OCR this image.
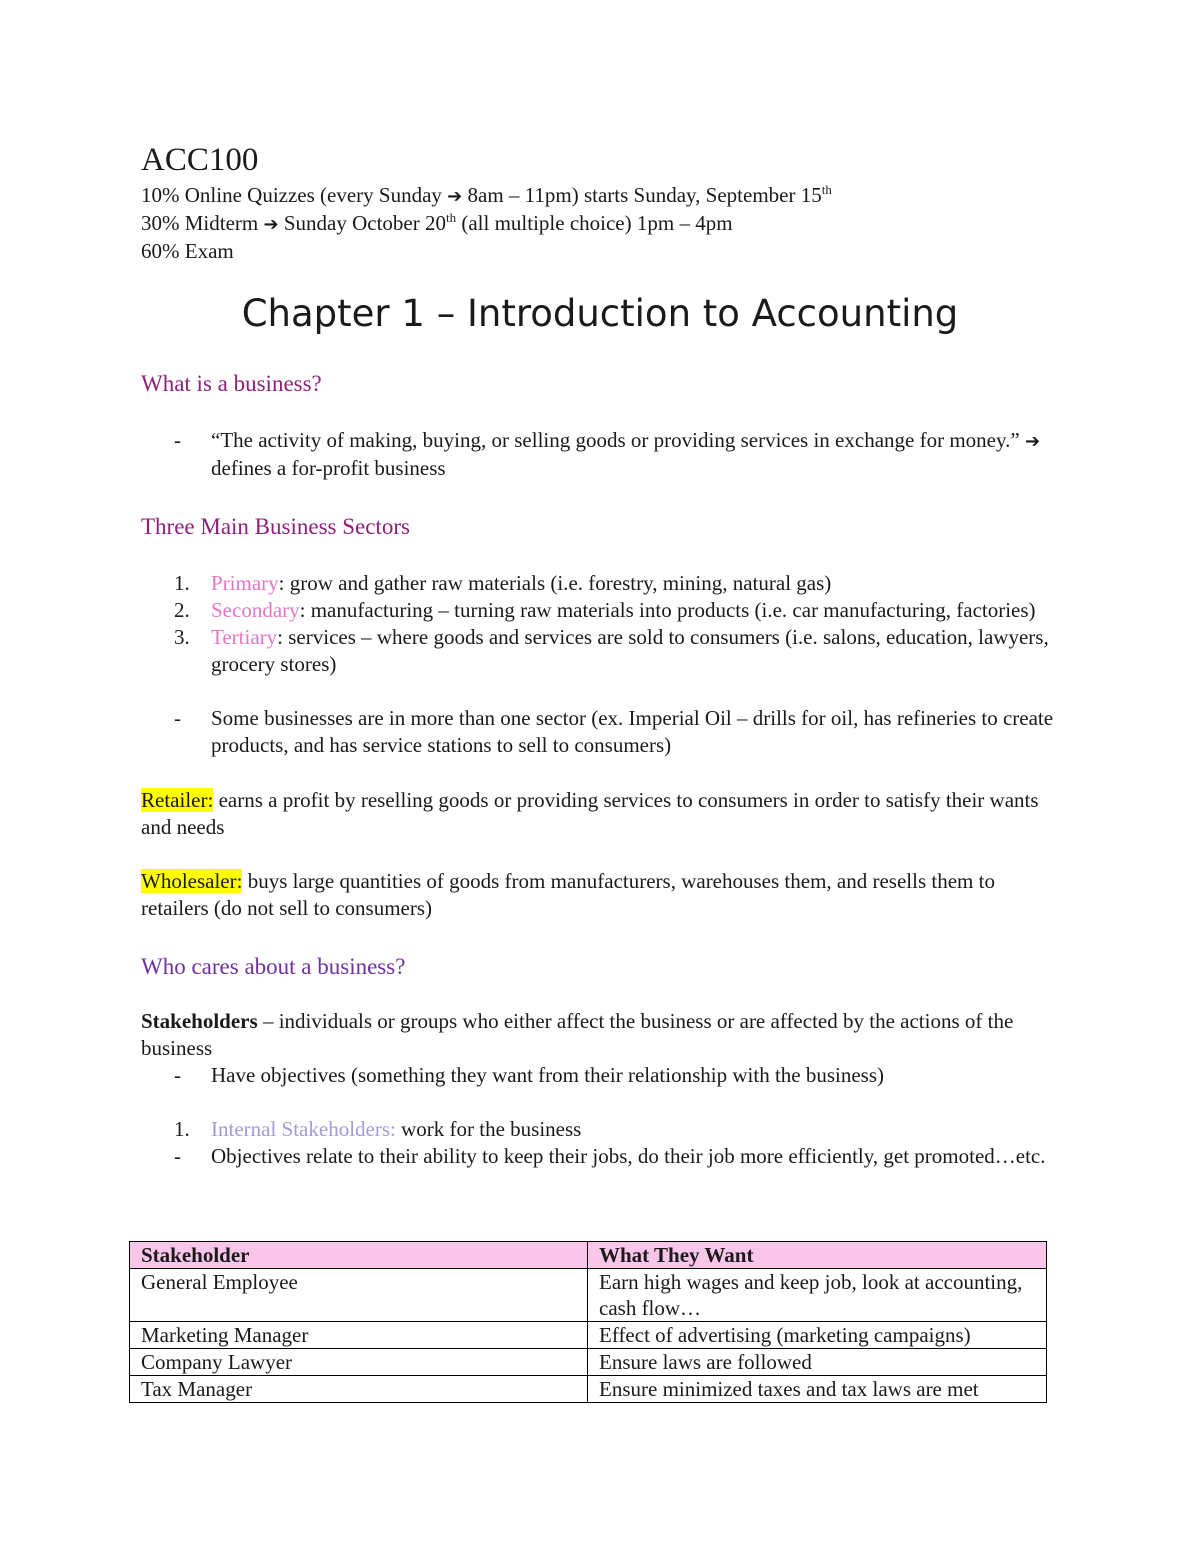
ACC100

10% Online Quizzes (every Sunday ➔ 8am – 11pm) starts Sunday, September 15th

30% Midterm ➔ Sunday October 20th (all multiple choice) 1pm – 4pm

60% Exam

Chapter 1 – Introduction to Accounting

What is a business?

- “The activity of making, buying, or selling goods or providing services in exchange for money.” ➔ defines a for-profit business

Three Main Business Sectors

1. Primary: grow and gather raw materials (i.e. forestry, mining, natural gas)

2. Secondary: manufacturing – turning raw materials into products (i.e. car manufacturing, factories)

3. Tertiary: services – where goods and services are sold to consumers (i.e. salons, education, lawyers, grocery stores)

- Some businesses are in more than one sector (ex. Imperial Oil – drills for oil, has refineries to create products, and has service stations to sell to consumers)

Retailer: earns a profit by reselling goods or providing services to consumers in order to satisfy their wants and needs

Wholesaler: buys large quantities of goods from manufacturers, warehouses them, and resells them to retailers (do not sell to consumers)

Who cares about a business?

Stakeholders – individuals or groups who either affect the business or are affected by the actions of the business

- Have objectives (something they want from their relationship with the business)

1. Internal Stakeholders: work for the business

- Objectives relate to their ability to keep their jobs, do their job more efficiently, get promoted…etc.

Stakeholder	What They Want
General Employee	Earn high wages and keep job, look at accounting, cash flow…
Marketing Manager	Effect of advertising (marketing campaigns)
Company Lawyer	Ensure laws are followed
Tax Manager	Ensure minimized taxes and tax laws are met
